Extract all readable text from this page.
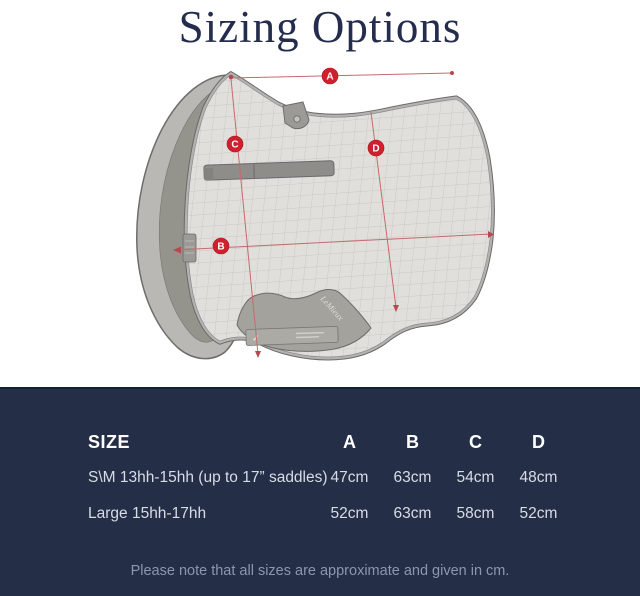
Sizing Options
✓
LeMieux
A
B
C	D
SIZE	A	B	C	D
S\M 13hh-15hh (up to 17” saddles) 47cm	63cm	54cm	48cm
Large 15hh-17hh	52cm	63cm	58cm	52cm
Please note that all sizes are approximate and given in cm.
